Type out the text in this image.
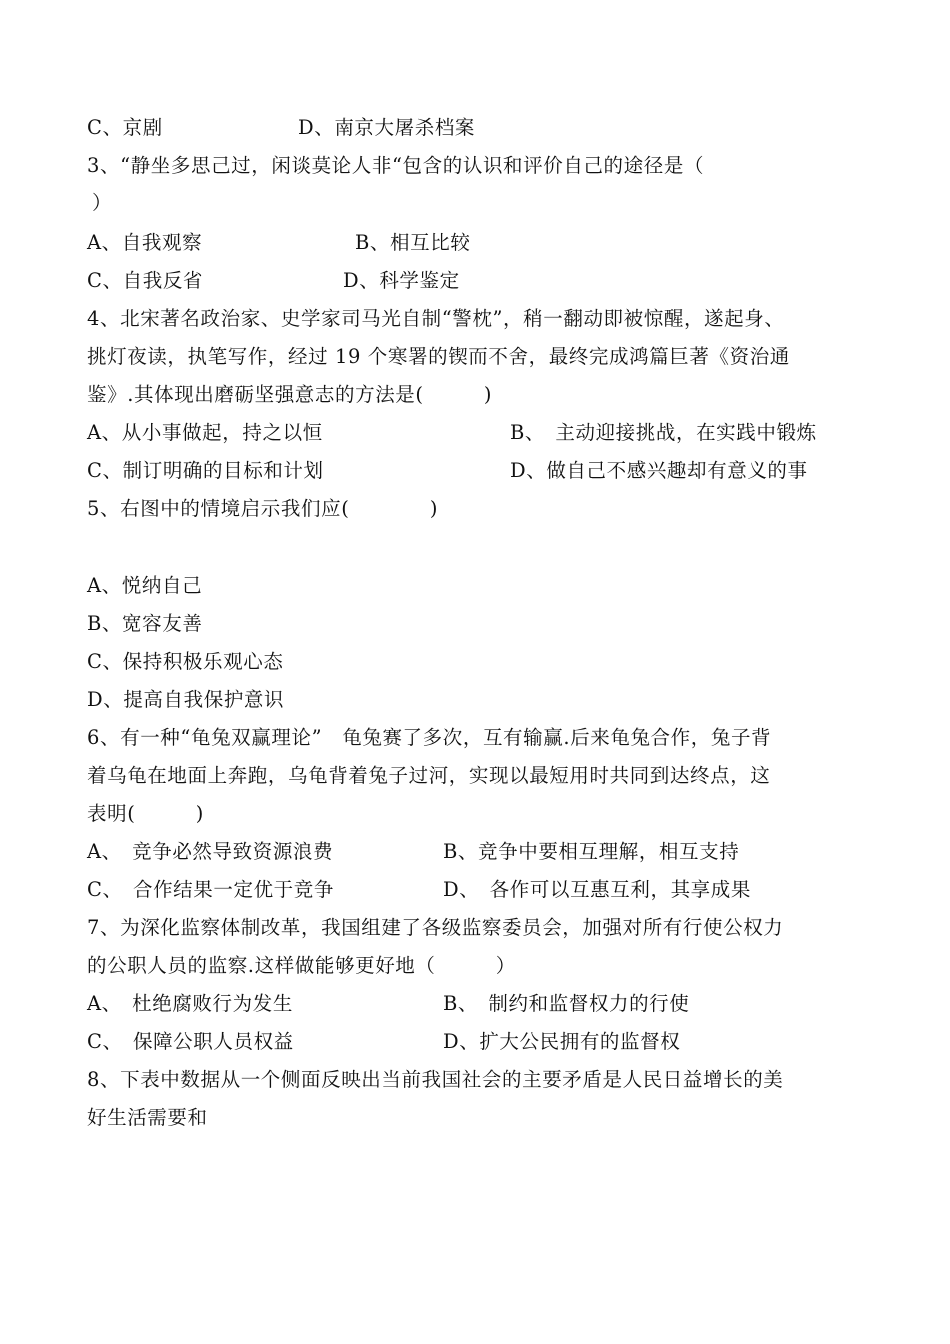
C、京剧	D、南京大屠杀档案
3、“静坐多思己过，闲谈莫论人非“包含的认识和评价自己的途径是（
）
A、自我观察	B、相互比较
C、自我反省	D、科学鉴定
4、北宋著名政治家、史学家司马光自制“警枕”，稍一翻动即被惊醒，遂起身、
挑灯夜读，执笔写作，经过 19 个寒署的锲而不舍，最终完成鸿篇巨著《资治通
鉴》.其体现出磨砺坚强意志的方法是(　　　)
A、从小事做起，持之以恒	B、　主动迎接挑战，在实践中锻炼
C、制订明确的目标和计划	D、做自己不感兴趣却有意义的事
5、右图中的情境启示我们应(　　　　)
A、悦纳自己
B、宽容友善
C、保持积极乐观心态
D、提高自我保护意识
6、有一种“龟兔双赢理论”　龟兔赛了多次，互有输赢.后来龟兔合作，兔子背
着乌龟在地面上奔跑，乌龟背着兔子过河，实现以最短用时共同到达终点，这
表明(　　　)
A、　竞争必然导致资源浪费	B、竞争中要相互理解，相互支持
C、　合作结果一定优于竞争	D、　各作可以互惠互利，其享成果
7、为深化监察体制改革，我国组建了各级监察委员会，加强对所有行使公权力
的公职人员的监察.这样做能够更好地（　　　）
A、　杜绝腐败行为发生	B、　制约和监督权力的行使
C、　保障公职人员权益	D、扩大公民拥有的监督权
8、下表中数据从一个侧面反映出当前我国社会的主要矛盾是人民日益增长的美
好生活需要和
